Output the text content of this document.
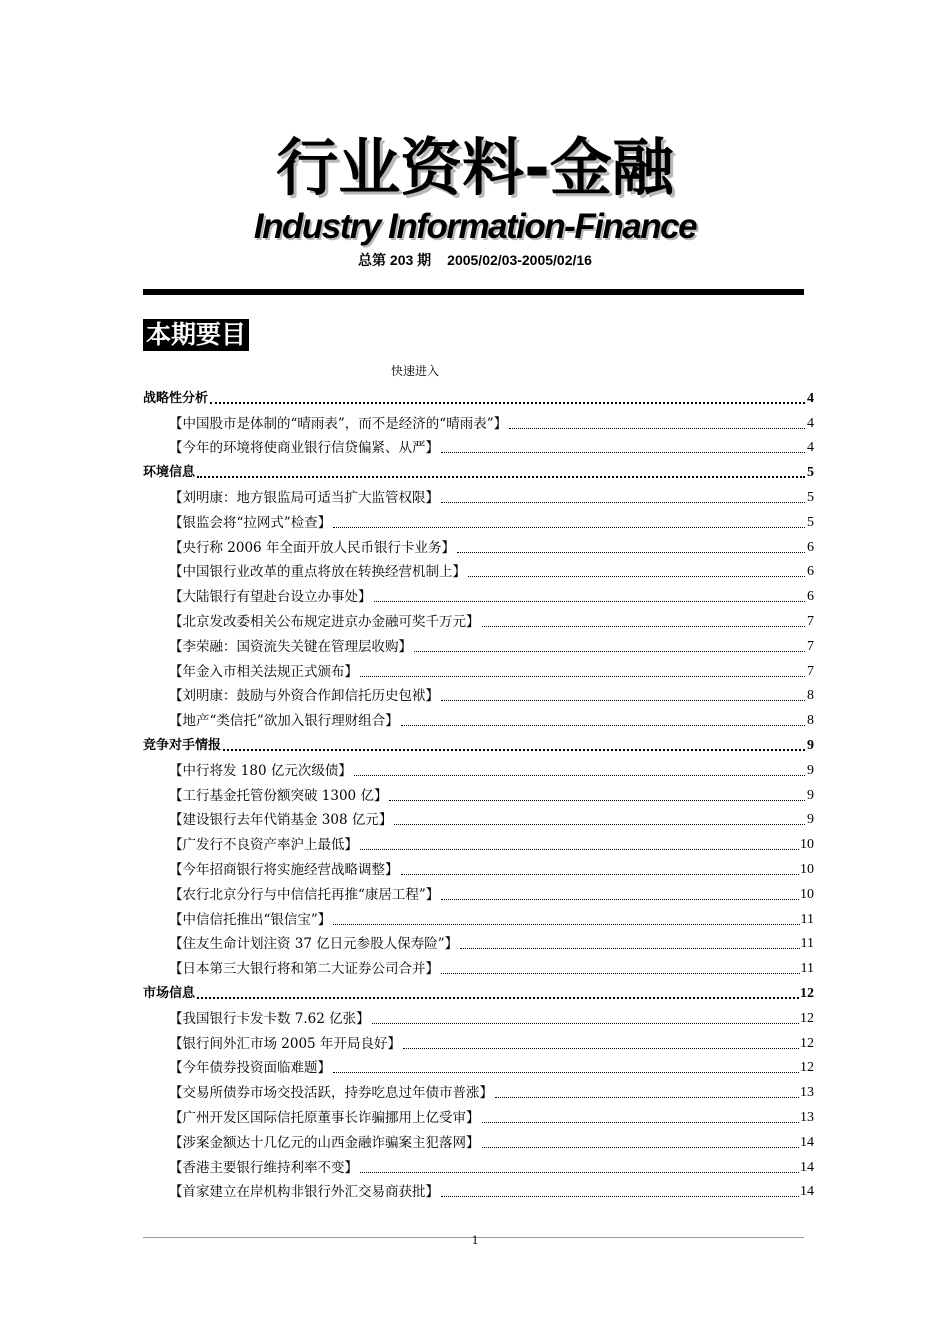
行业资料-金融
Industry Information-Finance
总第 203 期 2005/02/03-2005/02/16
本期要目
快速进入
战略性分析	4
【中国股市是体制的“晴雨表”，而不是经济的“晴雨表”】	4
【今年的环境将使商业银行信贷偏紧、从严】	4
环境信息	5
【刘明康：地方银监局可适当扩大监管权限】	5
【银监会将“拉网式”检查】	5
【央行称 2006 年全面开放人民币银行卡业务】	6
【中国银行业改革的重点将放在转换经营机制上】	6
【大陆银行有望赴台设立办事处】	6
【北京发改委相关公布规定进京办金融可奖千万元】	7
【李荣融：国资流失关键在管理层收购】	7
【年金入市相关法规正式颁布】	7
【刘明康：鼓励与外资合作卸信托历史包袱】	8
【地产“类信托”欲加入银行理财组合】	8
竞争对手情报	9
【中行将发 180 亿元次级债】	9
【工行基金托管份额突破 1300 亿】	9
【建设银行去年代销基金 308 亿元】	9
【广发行不良资产率沪上最低】	10
【今年招商银行将实施经营战略调整】	10
【农行北京分行与中信信托再推“康居工程”】	10
【中信信托推出“银信宝”】	11
【住友生命计划注资 37 亿日元参股人保寿险”】	11
【日本第三大银行将和第二大证券公司合并】	11
市场信息	12
【我国银行卡发卡数 7.62 亿张】	12
【银行间外汇市场 2005 年开局良好】	12
【今年债券投资面临难题】	12
【交易所债券市场交投活跃，持券吃息过年债市普涨】	13
【广州开发区国际信托原董事长诈骗挪用上亿受审】	13
【涉案金额达十几亿元的山西金融诈骗案主犯落网】	14
【香港主要银行维持利率不变】	14
【首家建立在岸机构非银行外汇交易商获批】	14
1
